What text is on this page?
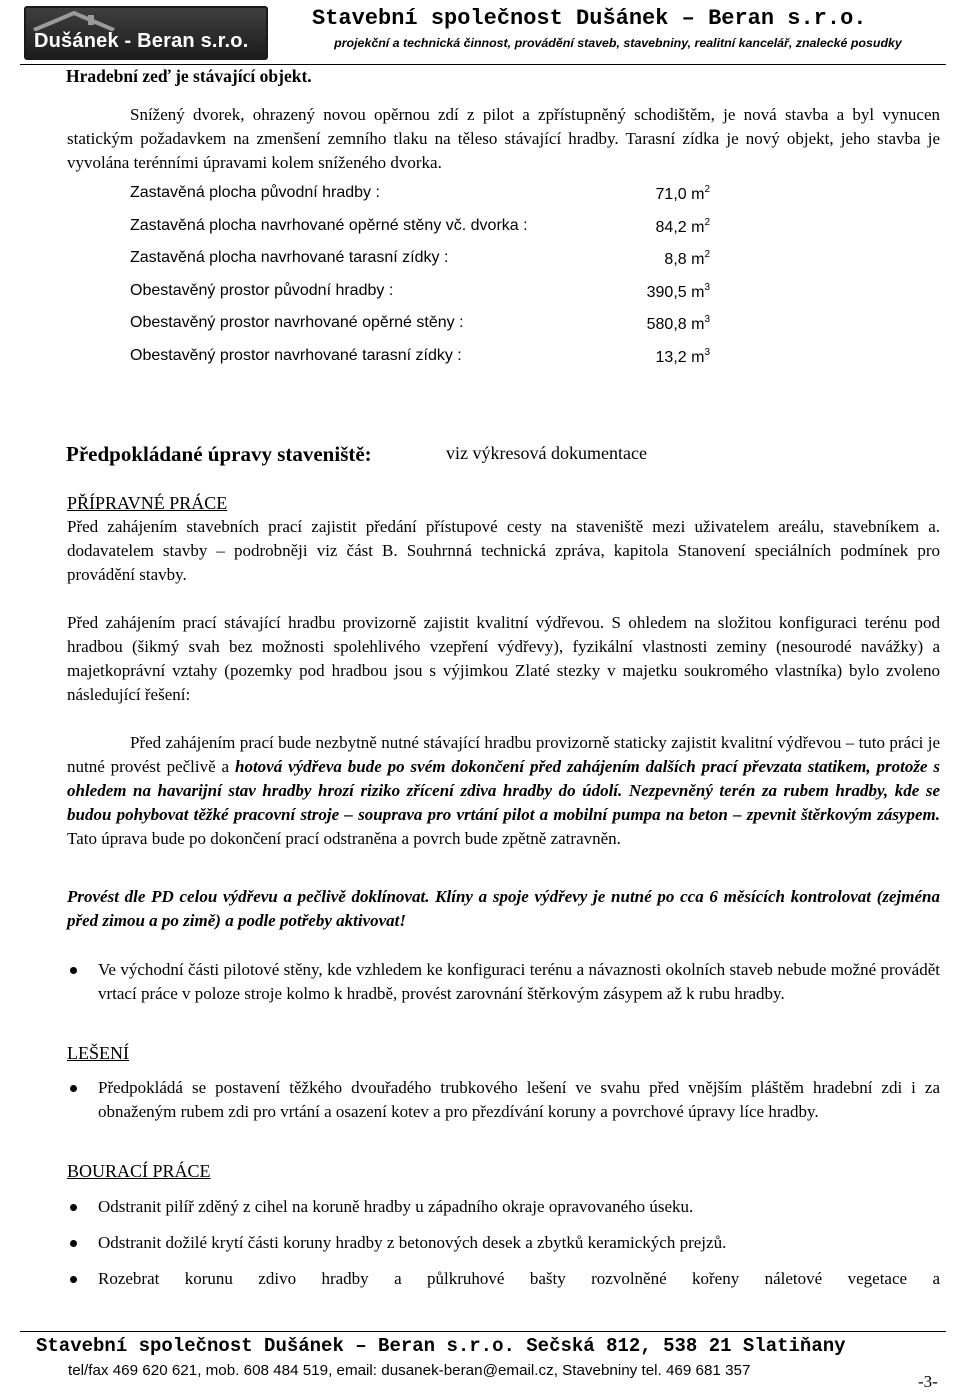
Dušánek - Beran s.r.o.
Stavební společnost Dušánek – Beran s.r.o.
projekční a technická činnost, provádění staveb, stavebniny, realitní kancelář, znalecké posudky

Hradební zeď je stávající objekt.

Snížený dvorek, ohrazený novou opěrnou zdí z pilot a zpřístupněný schodištěm, je nová stavba a byl vynucen statickým požadavkem na zmenšení zemního tlaku na těleso stávající hradby. Tarasní zídka je nový objekt, jeho stavba je vyvolána terénními úpravami kolem sníženého dvorka.

Zastavěná plocha původní hradby :	71,0 $m^2$
Zastavěná plocha navrhované opěrné stěny vč. dvorka :	84,2 $m^2$
Zastavěná plocha navrhované tarasní zídky :	8,8 $m^2$
Obestavěný prostor původní hradby :	390,5 $m^3$
Obestavěný prostor navrhované opěrné stěny :	580,8 $m^3$
Obestavěný prostor navrhované tarasní zídky :	13,2 $m^3$

Předpokládané úpravy staveniště:	viz výkresová dokumentace

PŘÍPRAVNÉ PRÁCE

Před zahájením stavebních prací zajistit předání přístupové cesty na staveniště mezi uživatelem areálu, stavebníkem a. dodavatelem stavby – podrobněji viz část B. Souhrnná technická zpráva, kapitola Stanovení speciálních podmínek pro provádění stavby.

Před zahájením prací stávající hradbu provizorně zajistit kvalitní výdřevou. S ohledem na složitou konfiguraci terénu pod hradbou (šikmý svah bez možnosti spolehlivého vzepření výdřevy), fyzikální vlastnosti zeminy (nesourodé navážky) a majetkoprávní vztahy (pozemky pod hradbou jsou s výjimkou Zlaté stezky v majetku soukromého vlastníka) bylo zvoleno následující řešení:

Před zahájením prací bude nezbytně nutné stávající hradbu provizorně staticky zajistit kvalitní výdřevou – tuto práci je nutné provést pečlivě a hotová výdřeva bude po svém dokončení před zahájením dalších prací převzata statikem, protože s ohledem na havarijní stav hradby hrozí riziko zřícení zdiva hradby do údolí. Nezpevněný terén za rubem hradby, kde se budou pohybovat těžké pracovní stroje – souprava pro vrtání pilot a mobilní pumpa na beton – zpevnit štěrkovým zásypem. Tato úprava bude po dokončení prací odstraněna a povrch bude zpětně zatravněn.

Provést dle PD celou výdřevu a pečlivě doklínovat. Klíny a spoje výdřevy je nutné po cca 6 měsících kontrolovat (zejména před zimou a po zimě) a podle potřeby aktivovat!

Ve východní části pilotové stěny, kde vzhledem ke konfiguraci terénu a návaznosti okolních staveb nebude možné provádět vrtací práce v poloze stroje kolmo k hradbě, provést zarovnání štěrkovým zásypem až k rubu hradby.

LEŠENÍ

Předpokládá se postavení těžkého dvouřadého trubkového lešení ve svahu před vnějším pláštěm hradební zdi i za obnaženým rubem zdi pro vrtání a osazení kotev a pro přezdívání koruny a povrchové úpravy líce hradby.

BOURACÍ PRÁCE

Odstranit pilíř zděný z cihel na koruně hradby u západního okraje opravovaného úseku.
Odstranit dožilé krytí části koruny hradby z betonových desek a zbytků keramických prejzů.
Rozebrat korunu zdivo hradby a půlkruhové bašty rozvolněné kořeny náletové vegetace a
Stavební společnost Dušánek – Beran s.r.o. Sečská 812, 538 21 Slatiňany
tel/fax 469 620 621, mob. 608 484 519, email: dusanek-beran@email.cz, Stavebniny tel. 469 681 357
-3-
